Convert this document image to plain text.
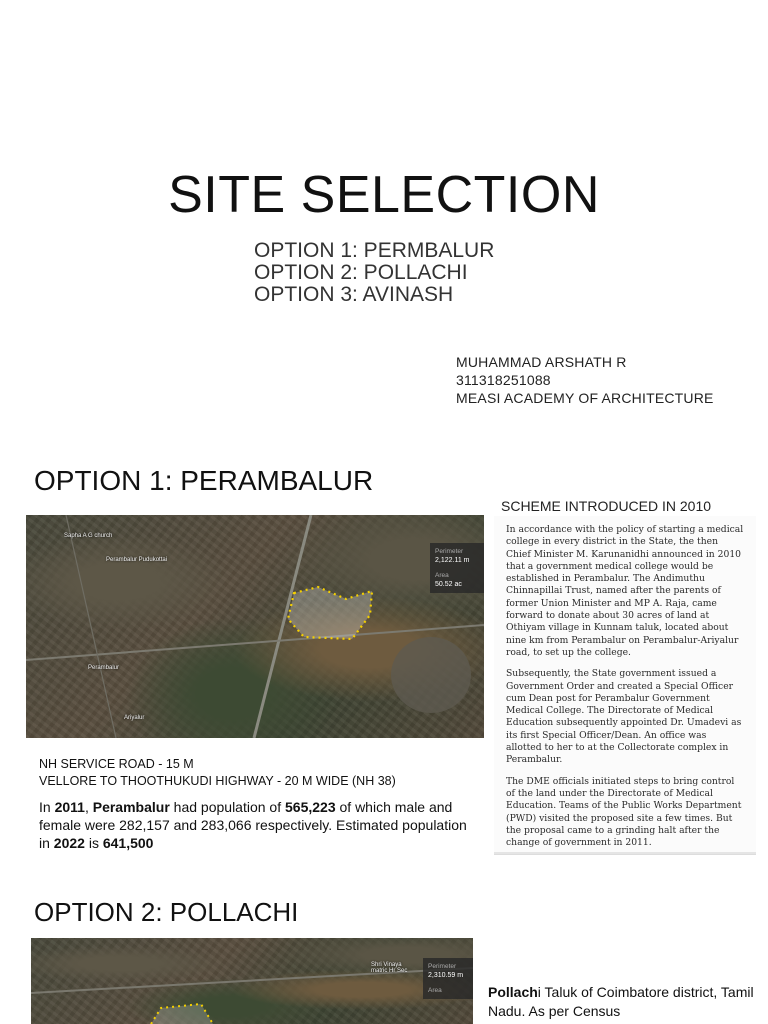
SITE SELECTION
OPTION 1: PERMBALUR
OPTION 2: POLLACHI
OPTION 3: AVINASH
MUHAMMAD ARSHATH R
311318251088
MEASI ACADEMY OF ARCHITECTURE
OPTION 1: PERAMBALUR
SCHEME INTRODUCED IN 2010
Sapha A G church
Perambalur Pudukottai
Perambalur
Ariyalur
Perimeter
2,122.11 m
Area
50.52 ac

In accordance with the policy of starting a medical college in every district in the State, the then Chief Minister M. Karunanidhi announced in 2010 that a government medical college would be established in Perambalur. The Andimuthu Chinnapillai Trust, named after the parents of former Union Minister and MP A. Raja, came forward to donate about 30 acres of land at Othiyam village in Kunnam taluk, located about nine km from Perambalur on Perambalur-Ariyalur road, to set up the college.

Subsequently, the State government issued a Government Order and created a Special Officer cum Dean post for Perambalur Government Medical College. The Directorate of Medical Education subsequently appointed Dr. Umadevi as its first Special Officer/Dean. An office was allotted to her to at the Collectorate complex in Perambalur.

The DME officials initiated steps to bring control of the land under the Directorate of Medical Education. Teams of the Public Works Department (PWD) visited the proposed site a few times. But the proposal came to a grinding halt after the change of government in 2011.

NH SERVICE ROAD - 15 M
VELLORE TO THOOTHUKUDI HIGHWAY - 20 M WIDE (NH 38)
In 2011, Perambalur had population of 565,223 of which male and female were 282,157 and 283,066 respectively. Estimated population in 2022 is 641,500
OPTION 2: POLLACHI
Shri Vinaya matric Hr Sec
Perimeter
2,310.59 m
Area	Pollachi Taluk of Coimbatore district, Tamil Nadu. As per Census
